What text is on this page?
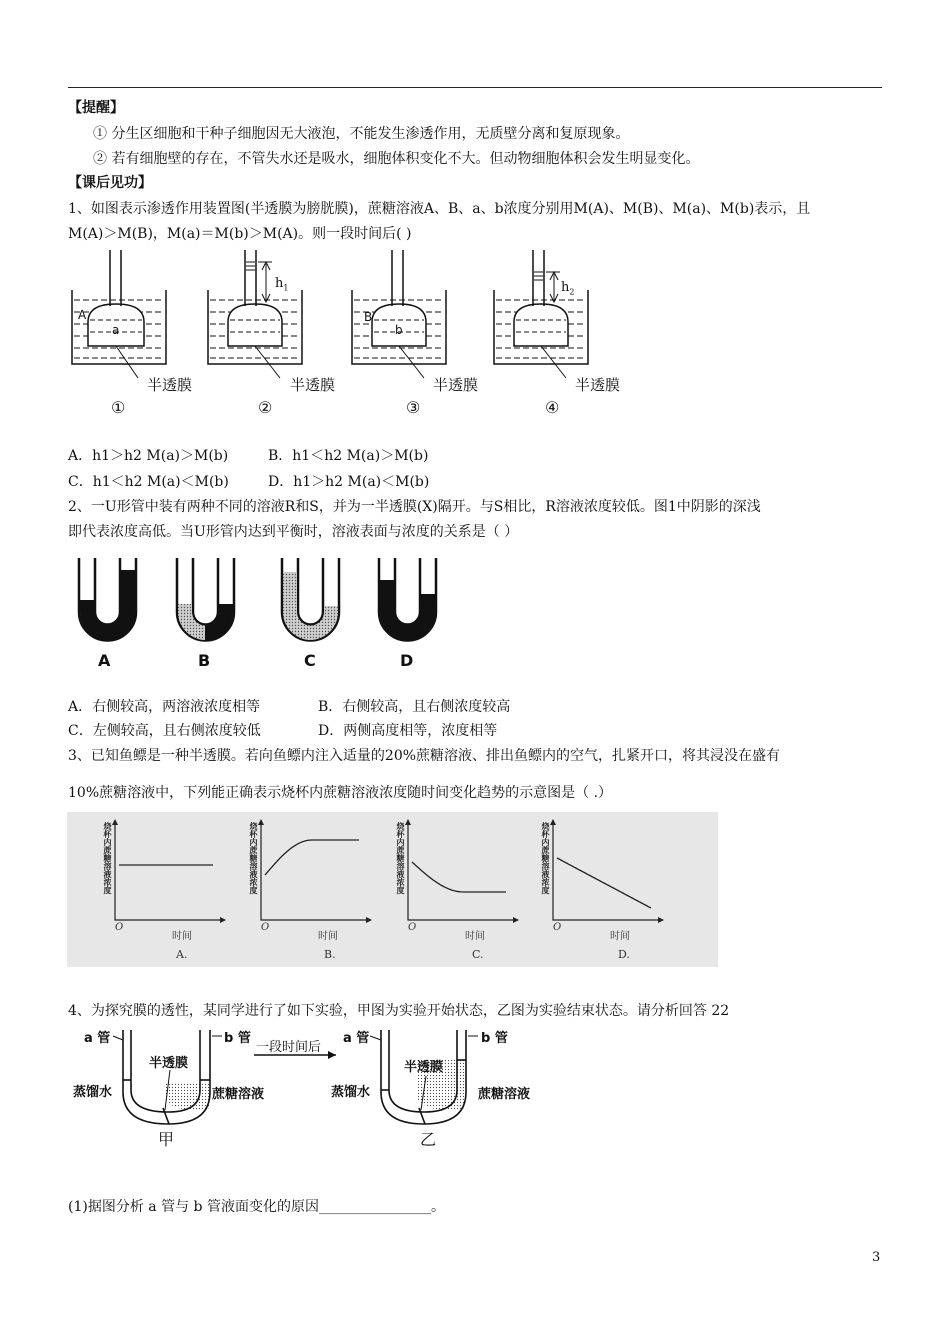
【提醒】
① 分生区细胞和干种子细胞因无大液泡，不能发生渗透作用，无质壁分离和复原现象。
② 若有细胞壁的存在，不管失水还是吸水，细胞体积变化不大。但动物细胞体积会发生明显变化。
【课后见功】
1、如图表示渗透作用装置图(半透膜为膀胱膜)，蔗糖溶液A、B、a、b浓度分别用M(A)、M(B)、M(a)、M(b)表示，且
M(A)＞M(B)，M(a)＝M(b)＞M(A)。则一段时间后( )
A
a
B
b
$h_1$	$h_2$
半透膜	半透膜	半透膜	半透膜
①	②	③	④
A．h1＞h2 M(a)＞M(b)	B．h1＜h2 M(a)＞M(b)
C．h1＜h2 M(a)＜M(b)	D．h1＞h2 M(a)＜M(b)
2、一U形管中装有两种不同的溶液R和S，并为一半透膜(X)隔开。与S相比，R溶液浓度较低。图1中阴影的深浅
即代表浓度高低。当U形管内达到平衡时，溶液表面与浓度的关系是（ ）
A	B	C	D
A．右侧较高，两溶液浓度相等	B．右侧较高，且右侧浓度较高
C．左侧较高，且右侧浓度较低	D．两侧高度相等，浓度相等
3、已知鱼鳔是一种半透膜。若向鱼鳔内注入适量的20%蔗糖溶液、排出鱼鳔内的空气，扎紧开口，将其浸没在盛有
10%蔗糖溶液中，下列能正确表示烧杯内蔗糖溶液浓度随时间变化趋势的示意图是（ .）
烧杯内蔗糖溶液浓度	烧杯内蔗糖溶液浓度	烧杯内蔗糖溶液浓度	烧杯内蔗糖溶液浓度
时间	时间	时间	时间
O	O	O	O
A.	B.	C.	D.
4、为探究膜的透性，某同学进行了如下实验，甲图为实验开始状态，乙图为实验结束状态。请分析回答 22
a 管	b 管
半透膜
蒸馏水	蔗糖溶液
甲
一段时间后
a 管	b 管
半透膜
蒸馏水	蔗糖溶液
乙
(1)据图分析 a 管与 b 管液面变化的原因________________。
3
